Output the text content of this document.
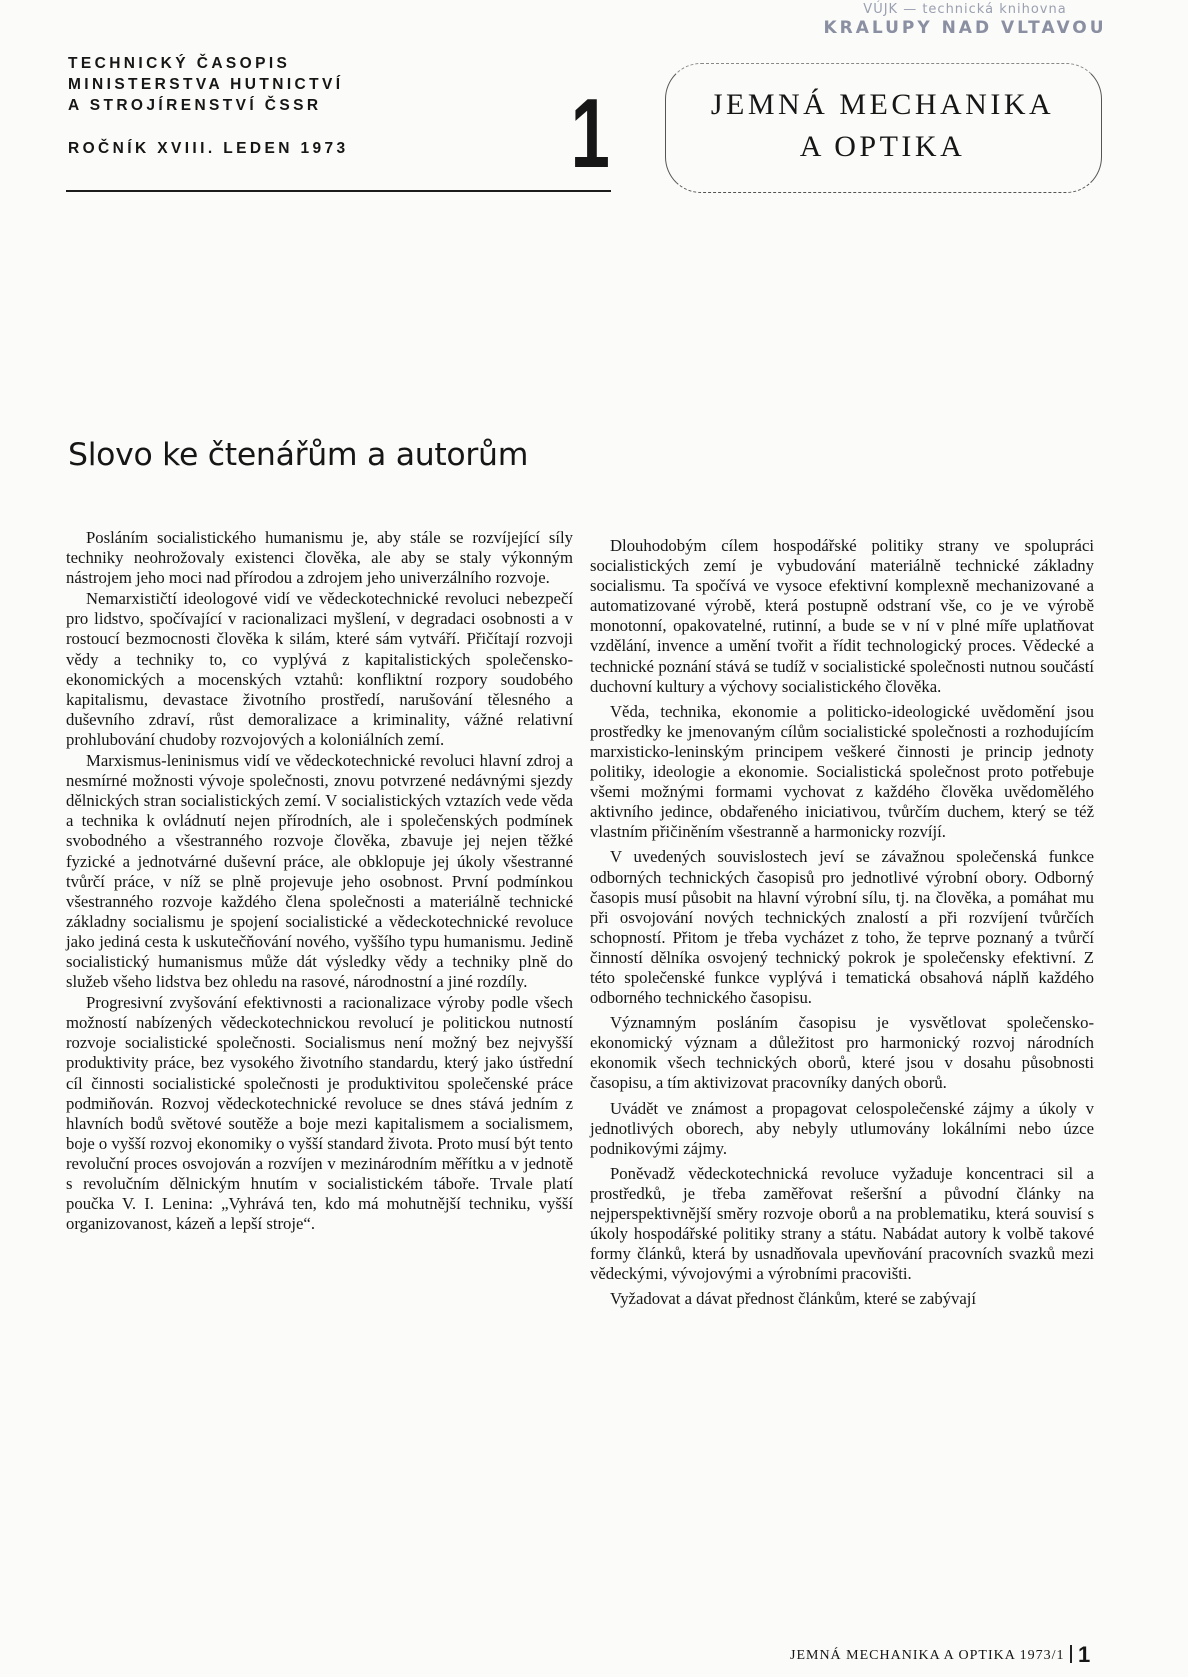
VÚJK — technická knihovna
KRALUPY NAD VLTAVOU
TECHNICKÝ ČASOPIS
MINISTERSTVA HUTNICTVÍ
A STROJÍRENSTVÍ ČSSR
ROČNÍK XVIII. LEDEN 1973 1	JEMNÁ MECHANIKA
A OPTIKA
Slovo ke čtenářům a autorům

Posláním socialistického humanismu je, aby stále se rozvíjející síly techniky neohrožovaly existenci člověka, ale aby se staly výkonným nástrojem jeho moci nad přírodou a zdrojem jeho univerzálního rozvoje.

Nemarxističtí ideologové vidí ve vědeckotechnické revoluci nebezpečí pro lidstvo, spočívající v racionalizaci myšlení, v degradaci osobnosti a v rostoucí bezmocnosti člověka k silám, které sám vytváří. Přičítají rozvoji vědy a techniky to, co vyplývá z kapitalistických společensko-ekonomických a mocenských vztahů: konfliktní rozpory soudobého kapitalismu, devastace životního prostředí, narušování tělesného a duševního zdraví, růst demoralizace a kriminality, vážné relativní prohlubování chudoby rozvojových a koloniálních zemí.

Marxismus-leninismus vidí ve vědeckotechnické revoluci hlavní zdroj a nesmírné možnosti vývoje společnosti, znovu potvrzené nedávnými sjezdy dělnických stran socialistických zemí. V socialistických vztazích vede věda a technika k ovládnutí nejen přírodních, ale i společenských podmínek svobodného a všestranného rozvoje člověka, zbavuje jej nejen těžké fyzické a jednotvárné duševní práce, ale obklopuje jej úkoly všestranné tvůrčí práce, v níž se plně projevuje jeho osobnost. První podmínkou všestranného rozvoje každého člena společnosti a materiálně technické základny socialismu je spojení socialistické a vědeckotechnické revoluce jako jediná cesta k uskutečňování nového, vyššího typu humanismu. Jedině socialistický humanismus může dát výsledky vědy a techniky plně do služeb všeho lidstva bez ohledu na rasové, národnostní a jiné rozdíly.

Progresivní zvyšování efektivnosti a racionalizace výroby podle všech možností nabízených vědeckotechnickou revolucí je politickou nutností rozvoje socialistické společnosti. Socialismus není možný bez nejvyšší produktivity práce, bez vysokého životního standardu, který jako ústřední cíl činnosti socialistické společnosti je produktivitou společenské práce podmiňován. Rozvoj vědeckotechnické revoluce se dnes stává jedním z hlavních bodů světové soutěže a boje mezi kapitalismem a socialismem, boje o vyšší rozvoj ekonomiky o vyšší standard života. Proto musí být tento revoluční proces osvojován a rozvíjen v mezinárodním měřítku a v jednotě s revolučním dělnickým hnutím v socialistickém táboře. Trvale platí poučka V. I. Lenina: „Vyhrává ten, kdo má mohutnější techniku, vyšší organizovanost, kázeň a lepší stroje“.

Dlouhodobým cílem hospodářské politiky strany ve spolupráci socialistických zemí je vybudování materiálně technické základny socialismu. Ta spočívá ve vysoce efektivní komplexně mechanizované a automatizované výrobě, která postupně odstraní vše, co je ve výrobě monotonní, opakovatelné, rutinní, a bude se v ní v plné míře uplatňovat vzdělání, invence a umění tvořit a řídit technologický proces. Vědecké a technické poznání stává se tudíž v socialistické společnosti nutnou součástí duchovní kultury a výchovy socialistického člověka.

Věda, technika, ekonomie a politicko-ideologické uvědomění jsou prostředky ke jmenovaným cílům socialistické společnosti a rozhodujícím marxisticko-leninským principem veškeré činnosti je princip jednoty politiky, ideologie a ekonomie. Socialistická společnost proto potřebuje všemi možnými formami vychovat z každého člověka uvědomělého aktivního jedince, obdařeného iniciativou, tvůrčím duchem, který se též vlastním přičiněním všestranně a harmonicky rozvíjí.

V uvedených souvislostech jeví se závažnou společenská funkce odborných technických časopisů pro jednotlivé výrobní obory. Odborný časopis musí působit na hlavní výrobní sílu, tj. na člověka, a pomáhat mu při osvojování nových technických znalostí a při rozvíjení tvůrčích schopností. Přitom je třeba vycházet z toho, že teprve poznaný a tvůrčí činností dělníka osvojený technický pokrok je společensky efektivní. Z této společenské funkce vyplývá i tematická obsahová náplň každého odborného technického časopisu.

Významným posláním časopisu je vysvětlovat společensko-ekonomický význam a důležitost pro harmonický rozvoj národních ekonomik všech technických oborů, které jsou v dosahu působnosti časopisu, a tím aktivizovat pracovníky daných oborů.

Uvádět ve známost a propagovat celospolečenské zájmy a úkoly v jednotlivých oborech, aby nebyly utlumovány lokálními nebo úzce podnikovými zájmy.

Poněvadž vědeckotechnická revoluce vyžaduje koncentraci sil a prostředků, je třeba zaměřovat rešeršní a původní články na nejperspektivnější směry rozvoje oborů a na problematiku, která souvisí s úkoly hospodářské politiky strany a státu. Nabádat autory k volbě takové formy článků, která by usnadňovala upevňování pracovních svazků mezi vědeckými, vývojovými a výrobními pracovišti.

Vyžadovat a dávat přednost článkům, které se zabývají

JEMNÁ MECHANIKA A OPTIKA 1973/1 1
